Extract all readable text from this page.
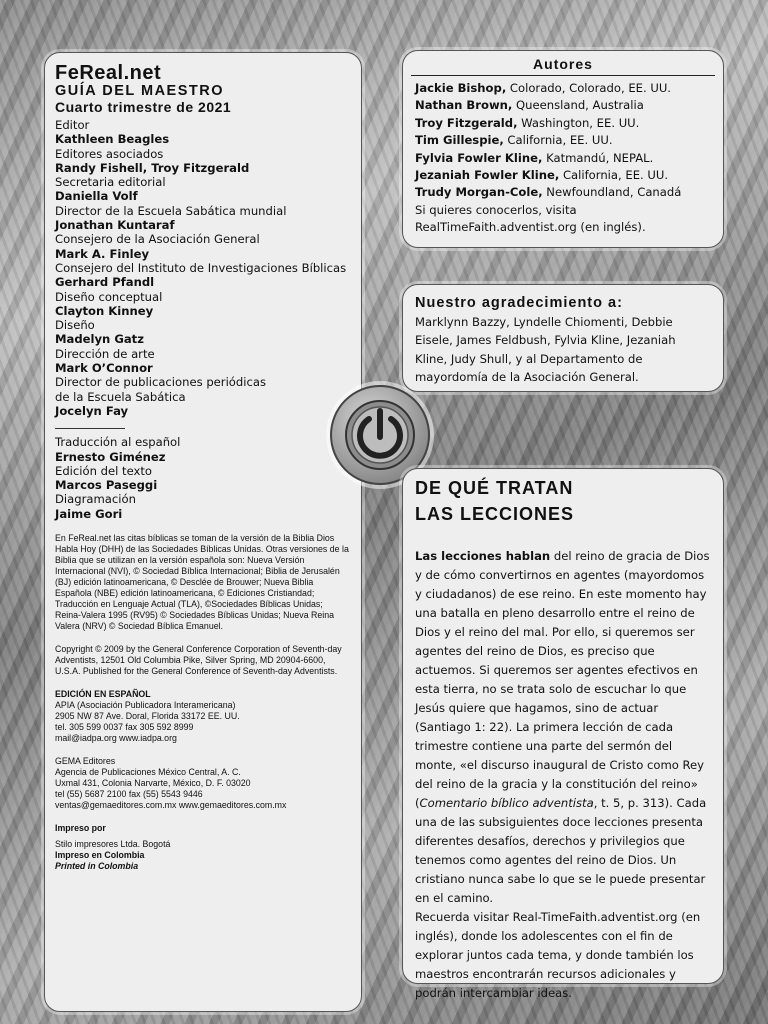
FeReal.net
GUÍA DEL MAESTRO
Cuarto trimestre de 2021
Editor
Kathleen Beagles
Editores asociados
Randy Fishell, Troy Fitzgerald
Secretaria editorial
Daniella Volf
Director de la Escuela Sabática mundial
Jonathan Kuntaraf
Consejero de la Asociación General
Mark A. Finley
Consejero del Instituto de Investigaciones Bíblicas
Gerhard Pfandl
Diseño conceptual
Clayton Kinney
Diseño
Madelyn Gatz
Dirección de arte
Mark O’Connor
Director de publicaciones periódicas
de la Escuela Sabática
Jocelyn Fay
Traducción al español
Ernesto Giménez
Edición del texto
Marcos Paseggi
Diagramación
Jaime Gori
En FeReal.net las citas bíblicas se toman de la versión de la Biblia Dios Habla Hoy (DHH) de las Sociedades Bíblicas Unidas. Otras versiones de la Biblia que se utilizan en la versión española son: Nueva Versión Internacional (NVI), © Sociedad Bíblica Internacional; Biblia de Jerusalén (BJ) edición latinoamericana, © Desclée de Brouwer; Nueva Biblia Española (NBE) edición latinoamericana, © Ediciones Cristiandad; Traducción en Lenguaje Actual (TLA), ©Sociedades Bíblicas Unidas; Reina-Valera 1995 (RV95) © Sociedades Bíblicas Unidas; Nueva Reina Valera (NRV) © Sociedad Bíblica Emanuel.
Copyright © 2009 by the General Conference Corporation of Seventh-day Adventists, 12501 Old Columbia Pike, Silver Spring, MD 20904-6600, U.S.A. Published for the General Conference of Seventh-day Adventists.
EDICIÓN EN ESPAÑOL
APIA (Asociación Publicadora Interamericana)
2905 NW 87 Ave. Doral, Florida 33172 EE. UU.
tel. 305 599 0037 fax 305 592 8999
mail@iadpa.org www.iadpa.org
GEMA Editores
Agencia de Publicaciones México Central, A. C.
Uxmal 431, Colonia Narvarte, México, D. F. 03020
tel (55) 5687 2100 fax (55) 5543 9446
ventas@gemaeditores.com.mx www.gemaeditores.com.mx
Impreso por
Stilo impresores Ltda. Bogotá
Impreso en Colombia
Printed in Colombia
Autores
Jackie Bishop, Colorado, Colorado, EE. UU.
Nathan Brown, Queensland, Australia
Troy Fitzgerald, Washington, EE. UU.
Tim Gillespie, California, EE. UU.
Fylvia Fowler Kline, Katmandú, NEPAL.
Jezaniah Fowler Kline, California, EE. UU.
Trudy Morgan-Cole, Newfoundland, Canadá
Si quieres conocerlos, visita
RealTimeFaith.adventist.org (en inglés).
Nuestro agradecimiento a:
Marklynn Bazzy, Lyndelle Chiomenti, Debbie Eisele, James Feldbush, Fylvia Kline, Jezaniah Kline, Judy Shull, y al Departamento de mayordomía de la Asociación General.
DE QUÉ TRATAN
LAS LECCIONES
Las lecciones hablan del reino de gracia de Dios y de cómo convertirnos en agentes (mayordomos y ciudadanos) de ese reino. En este momento hay una batalla en pleno desarrollo entre el reino de Dios y el reino del mal. Por ello, si queremos ser agentes del reino de Dios, es preciso que actuemos. Si queremos ser agentes efectivos en esta tierra, no se trata solo de escuchar lo que Jesús quiere que hagamos, sino de actuar (Santiago 1: 22). La primera lección de cada trimestre contiene una parte del sermón del monte, «el discurso inaugural de Cristo como Rey del reino de la gracia y la constitución del reino» (Comentario bíblico adventista, t. 5, p. 313). Cada una de las subsiguientes doce lecciones presenta diferentes desafíos, derechos y privilegios que tenemos como agentes del reino de Dios. Un cristiano nunca sabe lo que se le puede presentar en el camino.
Recuerda visitar Real-TimeFaith.adventist.org (en inglés), donde los adolescentes con el fin de explorar juntos cada tema, y donde también los maestros encontrarán recursos adicionales y podrán intercambiar ideas.
